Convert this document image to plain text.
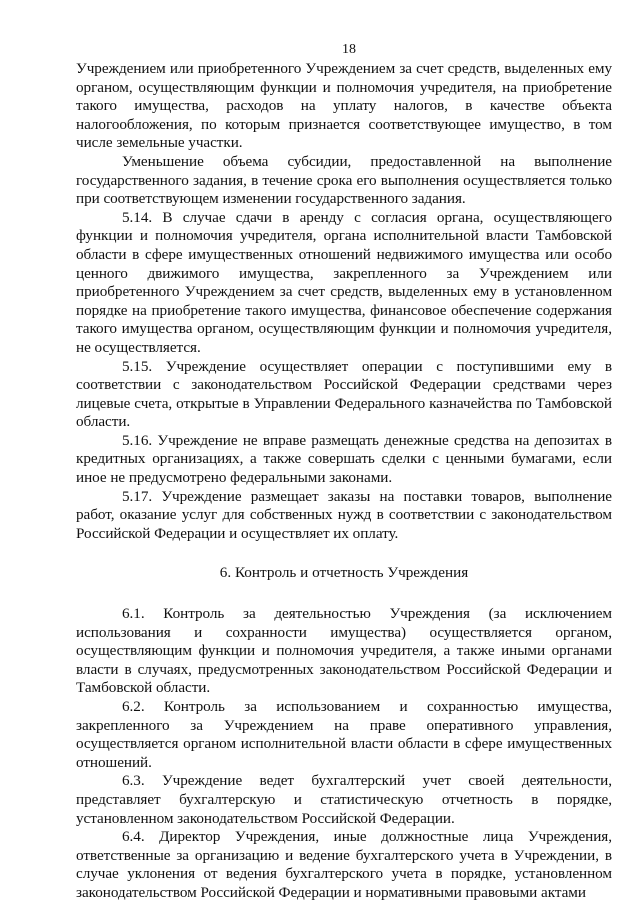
18

Учреждением или приобретенного Учреждением за счет средств, выделенных ему органом, осуществляющим функции и полномочия учредителя, на приобретение такого имущества, расходов на уплату налогов, в качестве объекта налогообложения, по которым признается соответствующее имущество, в том числе земельные участки.

Уменьшение объема субсидии, предоставленной на выполнение государственного задания, в течение срока его выполнения осуществляется только при соответствующем изменении государственного задания.

5.14. В случае сдачи в аренду с согласия органа, осуществляющего функции и полномочия учредителя, органа исполнительной власти Тамбовской области в сфере имущественных отношений недвижимого имущества или особо ценного движимого имущества, закрепленного за Учреждением или приобретенного Учреждением за счет средств, выделенных ему в установленном порядке на приобретение такого имущества, финансовое обеспечение содержания такого имущества органом, осуществляющим функции и полномочия учредителя, не осуществляется.

5.15. Учреждение осуществляет операции с поступившими ему в соответствии с законодательством Российской Федерации средствами через лицевые счета, открытые в Управлении Федерального казначейства по Тамбовской области.

5.16. Учреждение не вправе размещать денежные средства на депозитах в кредитных организациях, а также совершать сделки с ценными бумагами, если иное не предусмотрено федеральными законами.

5.17. Учреждение размещает заказы на поставки товаров, выполнение работ, оказание услуг для собственных нужд в соответствии с законодательством Российской Федерации и осуществляет их оплату.

6. Контроль и отчетность Учреждения

6.1. Контроль за деятельностью Учреждения (за исключением использования и сохранности имущества) осуществляется органом, осуществляющим функции и полномочия учредителя, а также иными органами власти в случаях, предусмотренных законодательством Российской Федерации и Тамбовской области.

6.2. Контроль за использованием и сохранностью имущества, закрепленного за Учреждением на праве оперативного управления, осуществляется органом исполнительной власти области в сфере имущественных отношений.

6.3. Учреждение ведет бухгалтерский учет своей деятельности, представляет бухгалтерскую и статистическую отчетность в порядке, установленном законодательством Российской Федерации.

6.4. Директор Учреждения, иные должностные лица Учреждения, ответственные за организацию и ведение бухгалтерского учета в Учреждении, в случае уклонения от ведения бухгалтерского учета в порядке, установленном законодательством Российской Федерации и нормативными правовыми актами
